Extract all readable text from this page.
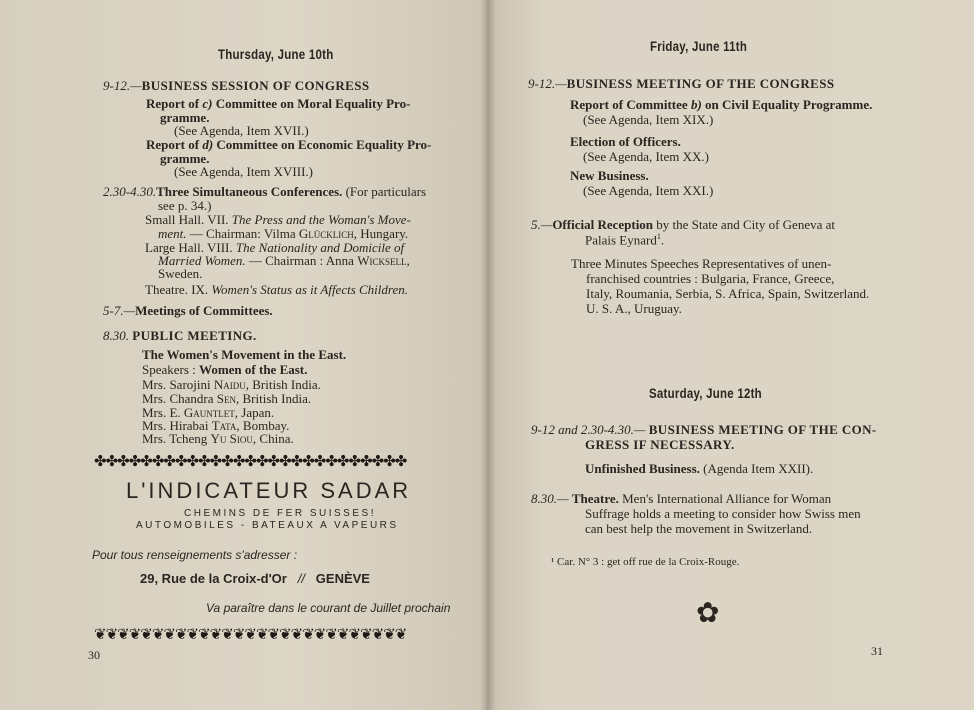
Thursday, June 10th
9-12.—BUSINESS SESSION OF CONGRESS
Report of c) Committee on Moral Equality Pro-
gramme.
(See Agenda, Item XVII.)
Report of d) Committee on Economic Equality Pro-
gramme.
(See Agenda, Item XVIII.)
2.30-4.30.Three Simultaneous Conferences. (For particulars
see p. 34.)
Small Hall. VII. The Press and the Woman's Move-
ment. — Chairman: Vilma Glücklich, Hungary.
Large Hall. VIII. The Nationality and Domicile of
Married Women. — Chairman : Anna Wicksell,
Sweden.
Theatre. IX. Women's Status as it Affects Children.
5-7.—Meetings of Committees.
8.30. PUBLIC MEETING.
The Women's Movement in the East.
Speakers : Women of the East.
Mrs. Sarojini Naidu, British India.
Mrs. Chandra Sen, British India.
Mrs. E. Gauntlet, Japan.
Mrs. Hirabai Tata, Bombay.
Mrs. Tcheng Yu Siou, China.
✤✤✤✤✤✤✤✤✤✤✤✤✤✤✤✤✤✤✤✤✤✤✤✤✤✤✤
L'INDICATEUR SADAR
CHEMINS DE FER SUISSES!
AUTOMOBILES - BATEAUX A VAPEURS
Pour tous renseignements s'adresser :
29, Rue de la Croix-d'Or // GENÈVE
Va paraître dans le courant de Juillet prochain
❦❦❦❦❦❦❦❦❦❦❦❦❦❦❦❦❦❦❦❦❦❦❦❦❦❦❦
30
Friday, June 11th
9-12.—BUSINESS MEETING OF THE CONGRESS
Report of Committee b) on Civil Equality Programme.
(See Agenda, Item XIX.)
Election of Officers.
(See Agenda, Item XX.)
New Business.
(See Agenda, Item XXI.)
5.—Official Reception by the State and City of Geneva at
Palais Eynard$^1$.
Three Minutes Speeches Representatives of unen-
franchised countries : Bulgaria, France, Greece,
Italy, Roumania, Serbia, S. Africa, Spain, Switzerland.
U. S. A., Uruguay.
Saturday, June 12th
9-12 and 2.30-4.30.— BUSINESS MEETING OF THE CON-
GRESS IF NECESSARY.
Unfinished Business. (Agenda Item XXII).
8.30.— Theatre. Men's International Alliance for Woman
Suffrage holds a meeting to consider how Swiss men
can best help the movement in Switzerland.
¹ Car. N° 3 : get off rue de la Croix-Rouge.
✿
31
